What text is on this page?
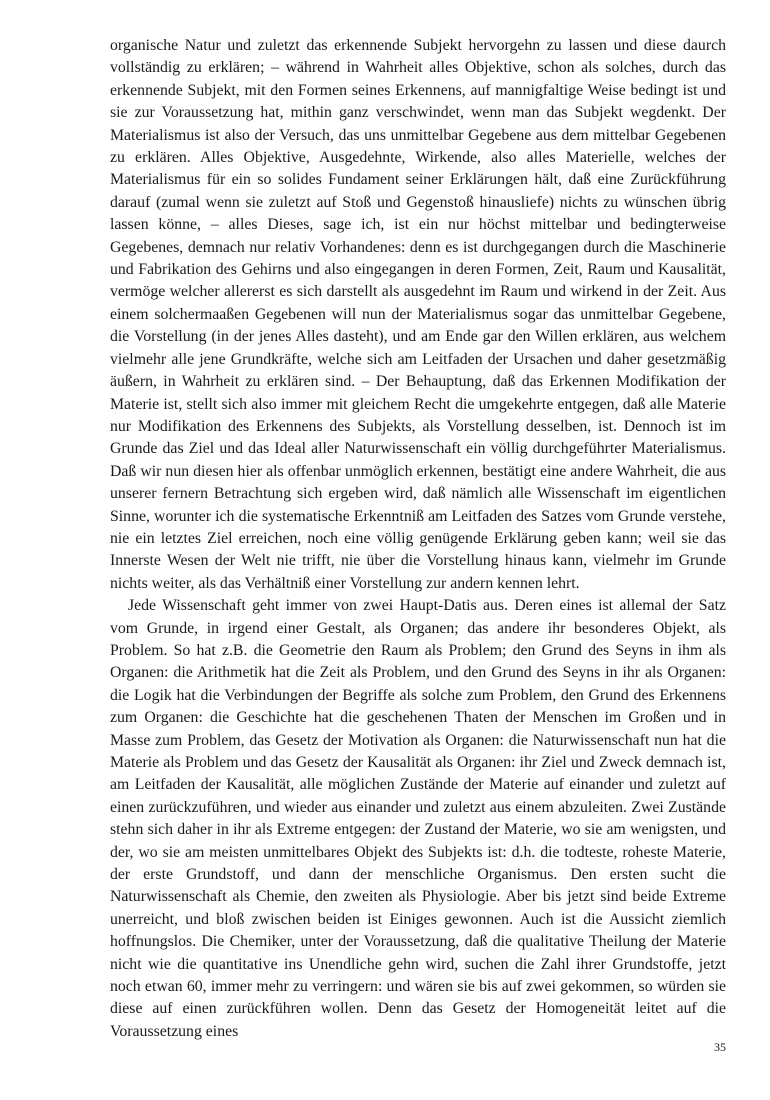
organische Natur und zuletzt das erkennende Subjekt hervorgehn zu lassen und diese daurch vollständig zu erklären; – während in Wahrheit alles Objektive, schon als solches, durch das erkennende Subjekt, mit den Formen seines Erkennens, auf mannigfaltige Weise bedingt ist und sie zur Voraussetzung hat, mithin ganz verschwindet, wenn man das Subjekt wegdenkt. Der Materialismus ist also der Versuch, das uns unmittelbar Gegebene aus dem mittelbar Gegebenen zu erklären. Alles Objektive, Ausgedehnte, Wirkende, also alles Materielle, welches der Materialismus für ein so solides Fundament seiner Erklärungen hält, daß eine Zurückführung darauf (zumal wenn sie zuletzt auf Stoß und Gegenstoß hinausliefe) nichts zu wünschen übrig lassen könne, – alles Dieses, sage ich, ist ein nur höchst mittelbar und bedingterweise Gegebenes, demnach nur relativ Vorhandenes: denn es ist durchgegangen durch die Maschinerie und Fabrikation des Gehirns und also eingegangen in deren Formen, Zeit, Raum und Kausalität, vermöge welcher allererst es sich darstellt als ausgedehnt im Raum und wirkend in der Zeit. Aus einem solchermaaßen Gegebenen will nun der Materialismus sogar das unmittelbar Gegebene, die Vorstellung (in der jenes Alles dasteht), und am Ende gar den Willen erklären, aus welchem vielmehr alle jene Grundkräfte, welche sich am Leitfaden der Ursachen und daher gesetzmäßig äußern, in Wahrheit zu erklären sind. – Der Behauptung, daß das Erkennen Modifikation der Materie ist, stellt sich also immer mit gleichem Recht die umgekehrte entgegen, daß alle Materie nur Modifikation des Erkennens des Subjekts, als Vorstellung desselben, ist. Dennoch ist im Grunde das Ziel und das Ideal aller Naturwissenschaft ein völlig durchgeführter Materialismus. Daß wir nun diesen hier als offenbar unmöglich erkennen, bestätigt eine andere Wahrheit, die aus unserer fernern Betrachtung sich ergeben wird, daß nämlich alle Wissenschaft im eigentlichen Sinne, worunter ich die systematische Erkenntniß am Leitfaden des Satzes vom Grunde verstehe, nie ein letztes Ziel erreichen, noch eine völlig genügende Erklärung geben kann; weil sie das Innerste Wesen der Welt nie trifft, nie über die Vorstellung hinaus kann, vielmehr im Grunde nichts weiter, als das Verhältniß einer Vorstellung zur andern kennen lehrt.

Jede Wissenschaft geht immer von zwei Haupt-Datis aus. Deren eines ist allemal der Satz vom Grunde, in irgend einer Gestalt, als Organen; das andere ihr besonderes Objekt, als Problem. So hat z.B. die Geometrie den Raum als Problem; den Grund des Seyns in ihm als Organen: die Arithmetik hat die Zeit als Problem, und den Grund des Seyns in ihr als Organen: die Logik hat die Verbindungen der Begriffe als solche zum Problem, den Grund des Erkennens zum Organen: die Geschichte hat die geschehenen Thaten der Menschen im Großen und in Masse zum Problem, das Gesetz der Motivation als Organen: die Naturwissenschaft nun hat die Materie als Problem und das Gesetz der Kausalität als Organen: ihr Ziel und Zweck demnach ist, am Leitfaden der Kausalität, alle möglichen Zustände der Materie auf einander und zuletzt auf einen zurückzuführen, und wieder aus einander und zuletzt aus einem abzuleiten. Zwei Zustände stehn sich daher in ihr als Extreme entgegen: der Zustand der Materie, wo sie am wenigsten, und der, wo sie am meisten unmittelbares Objekt des Subjekts ist: d.h. die todteste, roheste Materie, der erste Grundstoff, und dann der menschliche Organismus. Den ersten sucht die Naturwissenschaft als Chemie, den zweiten als Physiologie. Aber bis jetzt sind beide Extreme unerreicht, und bloß zwischen beiden ist Einiges gewonnen. Auch ist die Aussicht ziemlich hoffnungslos. Die Chemiker, unter der Voraussetzung, daß die qualitative Theilung der Materie nicht wie die quantitative ins Unendliche gehn wird, suchen die Zahl ihrer Grundstoffe, jetzt noch etwan 60, immer mehr zu verringern: und wären sie bis auf zwei gekommen, so würden sie diese auf einen zurückführen wollen. Denn das Gesetz der Homogeneität leitet auf die Voraussetzung eines

35
